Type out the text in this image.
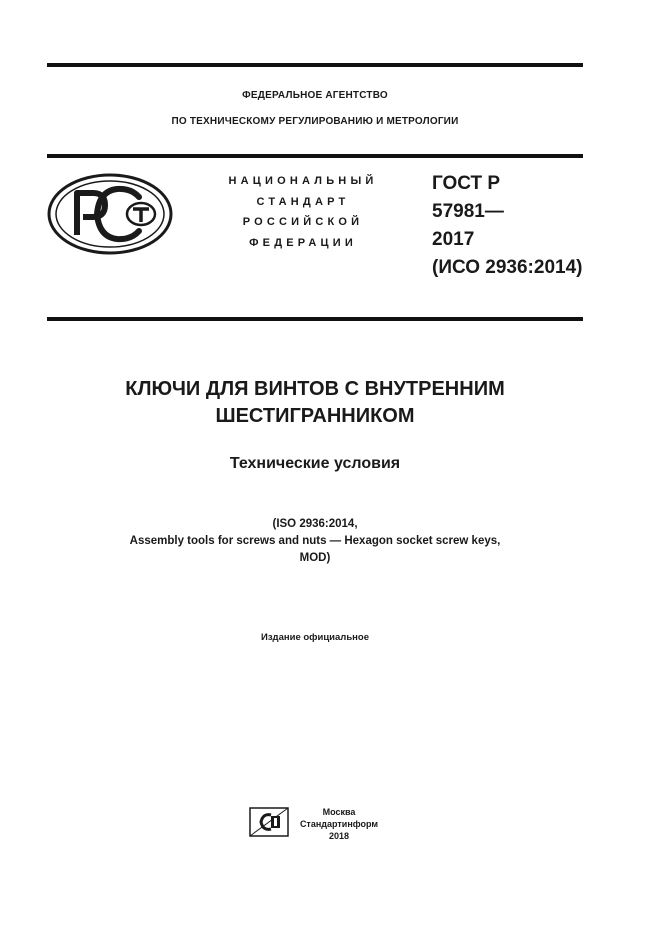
ФЕДЕРАЛЬНОЕ АГЕНТСТВО
ПО ТЕХНИЧЕСКОМУ РЕГУЛИРОВАНИЮ И МЕТРОЛОГИИ
НАЦИОНАЛЬНЫЙ
СТАНДАРТ
РОССИЙСКОЙ
ФЕДЕРАЦИИ
ГОСТ Р
57981—
2017
(ИСО 2936:2014)
КЛЮЧИ ДЛЯ ВИНТОВ С ВНУТРЕННИМ
ШЕСТИГРАННИКОМ
Технические условия
(ISO 2936:2014,
Assembly tools for screws and nuts — Hexagon socket screw keys,
MOD)
Издание официальное
Москва
Стандартинформ
2018
